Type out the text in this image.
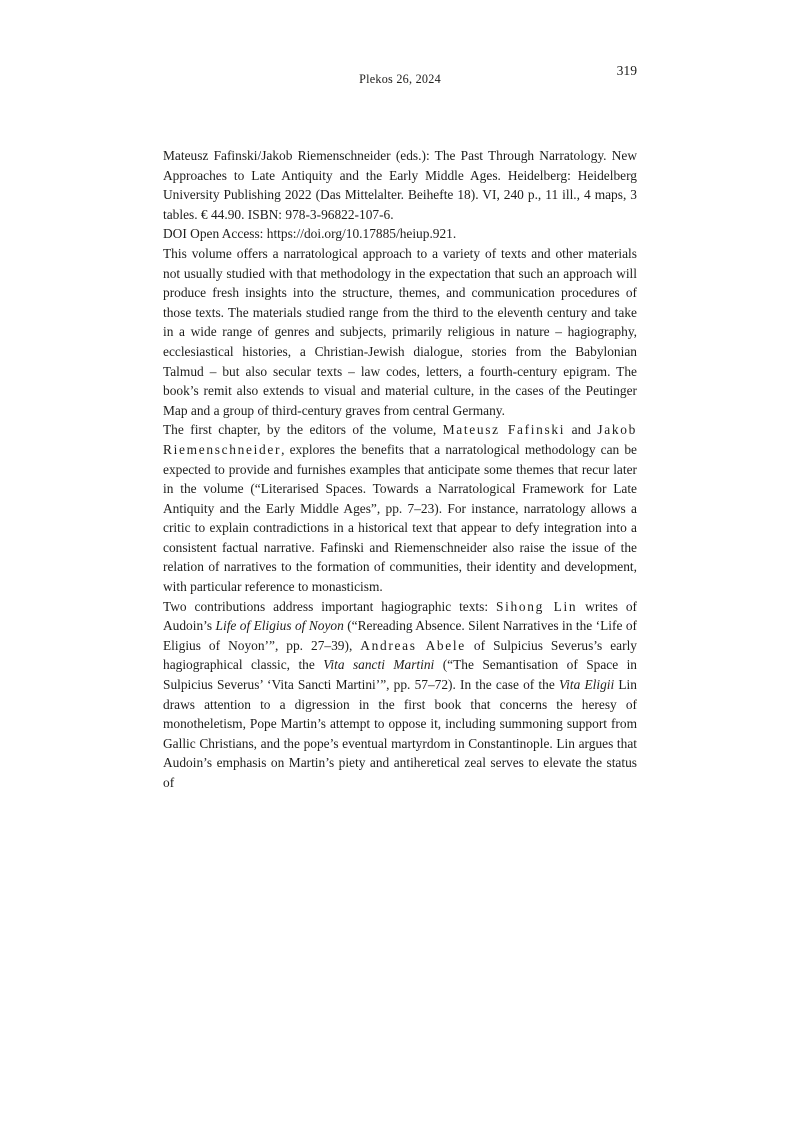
Plekos 26, 2024
319

Mateusz Fafinski/Jakob Riemenschneider (eds.): The Past Through Narratology. New Approaches to Late Antiquity and the Early Middle Ages. Heidelberg: Heidelberg University Publishing 2022 (Das Mittelalter. Beihefte 18). VI, 240 p., 11 ill., 4 maps, 3 tables. € 44.90. ISBN: 978-3-96822-107-6.

DOI Open Access: https://doi.org/10.17885/heiup.921.

This volume offers a narratological approach to a variety of texts and other materials not usually studied with that methodology in the expectation that such an approach will produce fresh insights into the structure, themes, and communication procedures of those texts. The materials studied range from the third to the eleventh century and take in a wide range of genres and subjects, primarily religious in nature – hagiography, ecclesiastical histories, a Christian-Jewish dialogue, stories from the Babylonian Talmud – but also secular texts – law codes, letters, a fourth-century epigram. The book’s remit also extends to visual and material culture, in the cases of the Peutinger Map and a group of third-century graves from central Germany.

The first chapter, by the editors of the volume, Mateusz Fafinski and Jakob Riemenschneider, explores the benefits that a narratological methodology can be expected to provide and furnishes examples that anticipate some themes that recur later in the volume (“Literarised Spaces. Towards a Narratological Framework for Late Antiquity and the Early Middle Ages”, pp. 7–23). For instance, narratology allows a critic to explain contradictions in a historical text that appear to defy integration into a consistent factual narrative. Fafinski and Riemenschneider also raise the issue of the relation of narratives to the formation of communities, their identity and development, with particular reference to monasticism.

Two contributions address important hagiographic texts: Sihong Lin writes of Audoin’s Life of Eligius of Noyon (“Rereading Absence. Silent Narratives in the ‘Life of Eligius of Noyon’”, pp. 27–39), Andreas Abele of Sulpicius Severus’s early hagiographical classic, the Vita sancti Martini (“The Semantisation of Space in Sulpicius Severus’ ‘Vita Sancti Martini’”, pp. 57–72). In the case of the Vita Eligii Lin draws attention to a digression in the first book that concerns the heresy of monotheletism, Pope Martin’s attempt to oppose it, including summoning support from Gallic Christians, and the pope’s eventual martyrdom in Constantinople. Lin argues that Audoin’s emphasis on Martin’s piety and antiheretical zeal serves to elevate the status of
